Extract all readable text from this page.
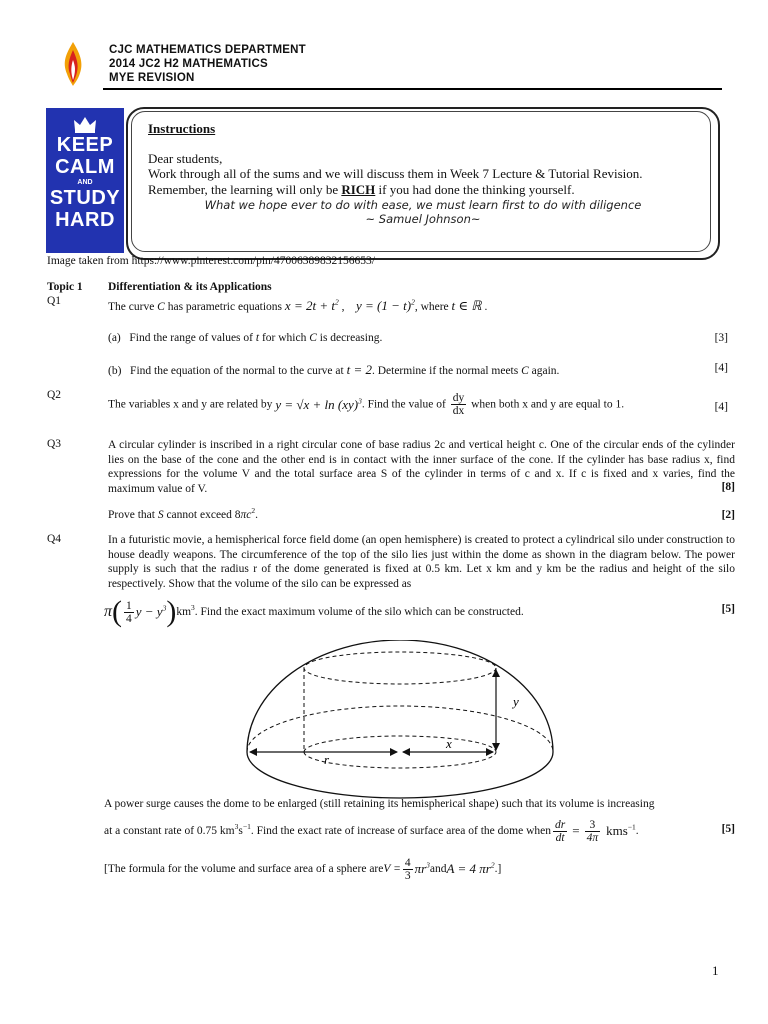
CJC MATHEMATICS DEPARTMENT
2014 JC2 H2 MATHEMATICS
MYE REVISION
KEEP
CALM
AND
STUDY
HARD
Instructions
Dear students,
Work through all of the sums and we will discuss them in Week 7 Lecture & Tutorial Revision.
Remember, the learning will only be RICH if you had done the thinking yourself.
What we hope ever to do with ease, we must learn first to do with diligence
~ Samuel Johnson~
Image taken from https://www.pinterest.com/pin/47006389832156653/
Topic 1 Differentiation & its Applications
Q1	The curve C has parametric equations $x = 2t + t^2$ ,    $y = (1 - t)^2$, where t ∈ ℝ .
(a) Find the range of values of t for which C is decreasing.	[3]
(b) Find the equation of the normal to the curve at t = 2. Determine if the normal meets C again.	[4]
Q2
The variables x and y are related by y = √x + ln (xy)$^3$. Find the value of $\frac{dy}{dx}$ when both x and y are equal to 1.	[4]
Q3	A circular cylinder is inscribed in a right circular cone of base radius 2c and vertical height c. One of the circular ends of the cylinder lies on the base of the cone and the other end is in contact with the inner surface of the cone. If the cylinder has base radius x, find expressions for the volume V and the total surface area S of the cylinder in terms of c and x. If c is fixed and x varies, find the maximum value of V.	[8]
Prove that S cannot exceed $8\pi c^2$.	[2]
Q4	In a futuristic movie, a hemispherical force field dome (an open hemisphere) is created to protect a cylindrical silo under construction to house deadly weapons. The circumference of the top of the silo lies just within the dome as shown in the diagram below. The power supply is such that the radius r of the dome generated is fixed at 0.5 km. Let x km and y km be the radius and height of the silo respectively. Show that the volume of the silo can be expressed as
π ( $\frac{1}{4}$ $y - y^3$ ) $km^3$. Find the exact maximum volume of the silo which can be constructed.	[5]
y
x
r
A power surge causes the dome to be enlarged (still retaining its hemispherical shape) such that its volume is increasing
at a constant rate of 0.75 $km^3s^{-1}$. Find the exact rate of increase of surface area of the dome when $\frac{dr}{dt} = \frac{3}{4\pi} kms^{-1}$ .	[5]
[The formula for the volume and surface area of a sphere are $V = \frac{4}{3} \pi r^3$ and A = 4 $\pi r^2$ .]
1
